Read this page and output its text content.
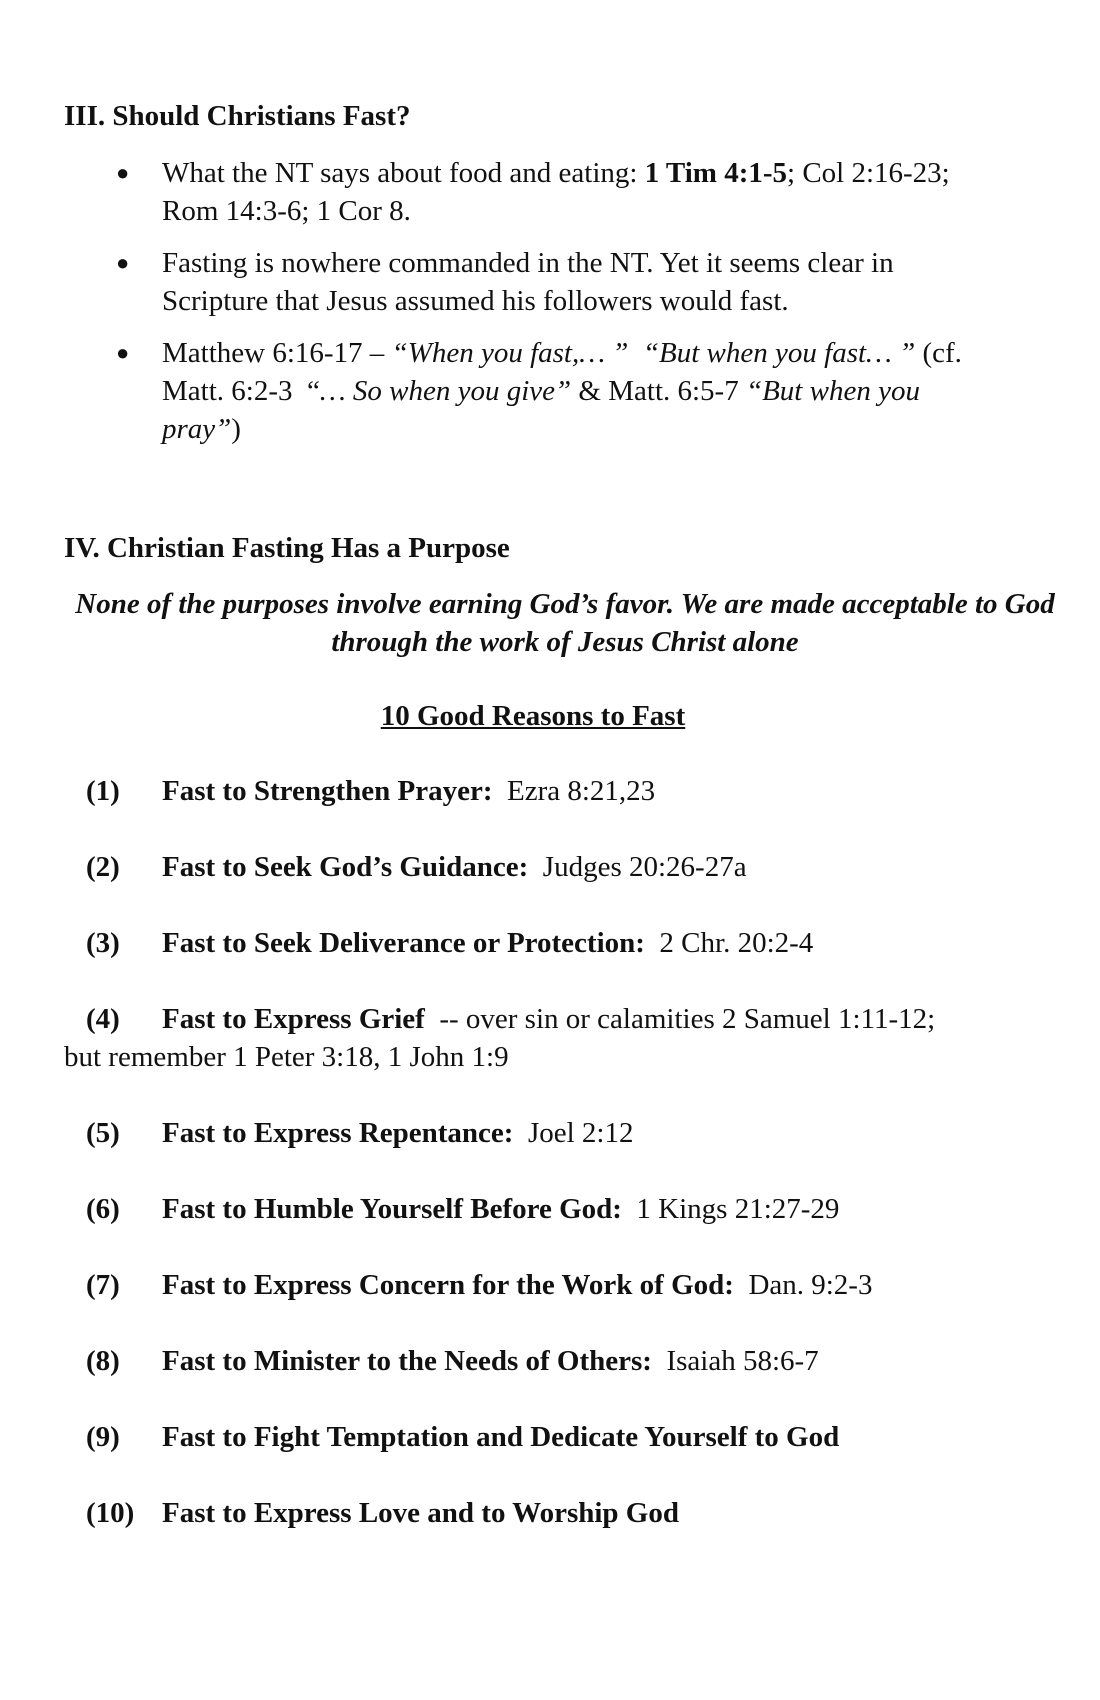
III. Should Christians Fast?
● What the NT says about food and eating: 1 Tim 4:1-5; Col 2:16-23; Rom 14:3-6; 1 Cor 8.
● Fasting is nowhere commanded in the NT. Yet it seems clear in Scripture that Jesus assumed his followers would fast.
● Matthew 6:16-17 – “When you fast,… ” “But when you fast… ” (cf. Matt. 6:2-3  “… So when you give” & Matt. 6:5-7 “But when you pray”)
IV. Christian Fasting Has a Purpose
None of the purposes involve earning God’s favor. We are made acceptable to God through the work of Jesus Christ alone
10 Good Reasons to Fast
(1) Fast to Strengthen Prayer: Ezra 8:21,23
(2) Fast to Seek God’s Guidance: Judges 20:26-27a
(3) Fast to Seek Deliverance or Protection: 2 Chr. 20:2-4
(4) Fast to Express Grief -- over sin or calamities 2 Samuel 1:11-12; but remember 1 Peter 3:18, 1 John 1:9
(5) Fast to Express Repentance: Joel 2:12
(6) Fast to Humble Yourself Before God: 1 Kings 21:27-29
(7) Fast to Express Concern for the Work of God: Dan. 9:2-3
(8) Fast to Minister to the Needs of Others: Isaiah 58:6-7
(9) Fast to Fight Temptation and Dedicate Yourself to God
(10) Fast to Express Love and to Worship God
